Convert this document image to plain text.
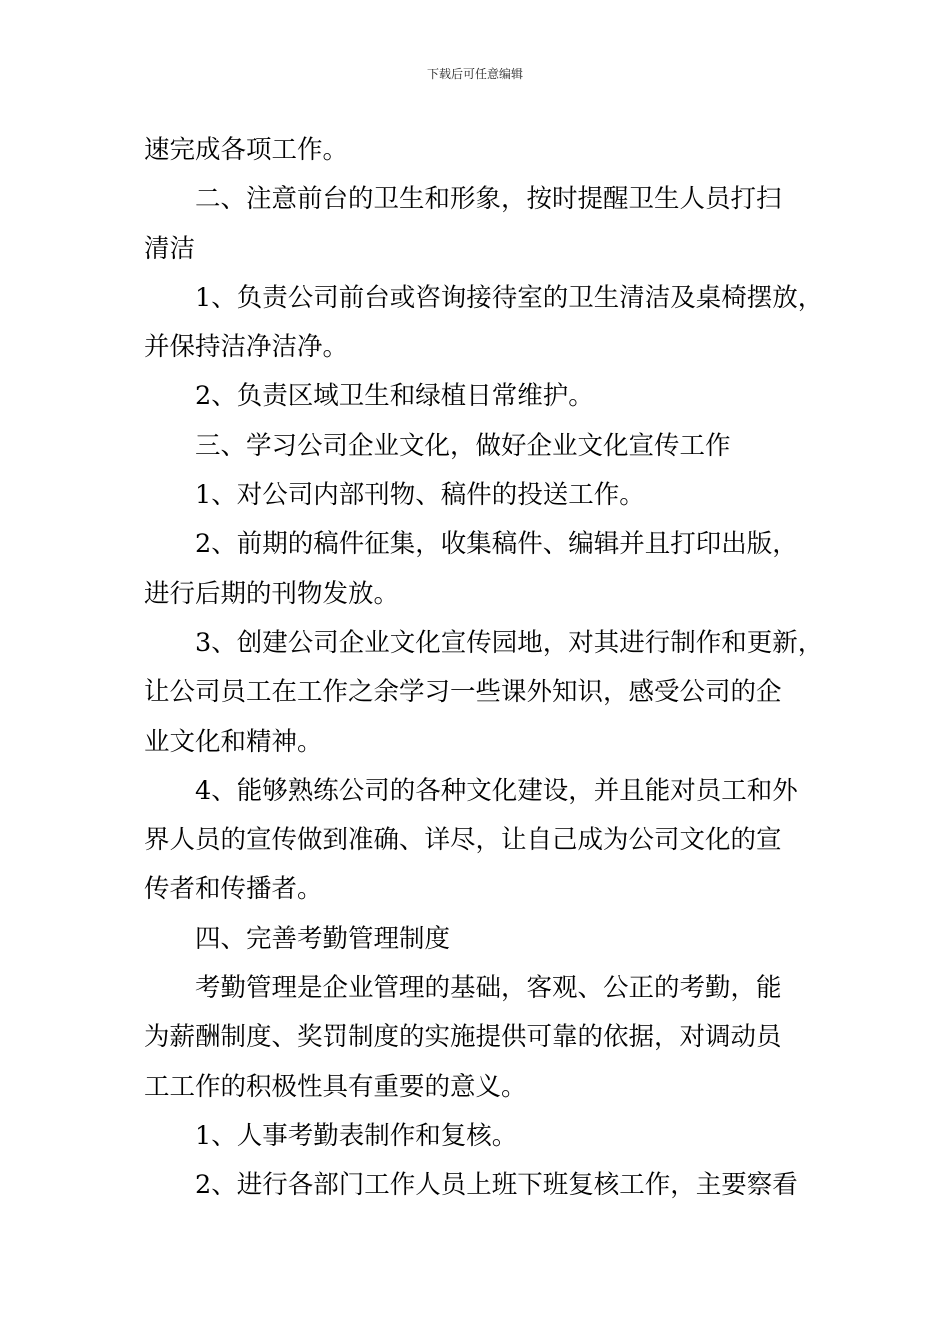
下载后可任意编辑

速完成各项工作。

二、注意前台的卫生和形象，按时提醒卫生人员打扫
清洁

1、负责公司前台或咨询接待室的卫生清洁及桌椅摆放，
并保持洁净洁净。

2、负责区域卫生和绿植日常维护。

三、学习公司企业文化，做好企业文化宣传工作

1、对公司内部刊物、稿件的投送工作。

2、前期的稿件征集，收集稿件、编辑并且打印出版，
进行后期的刊物发放。

3、创建公司企业文化宣传园地，对其进行制作和更新，
让公司员工在工作之余学习一些课外知识，感受公司的企
业文化和精神。

4、能够熟练公司的各种文化建设，并且能对员工和外
界人员的宣传做到准确、详尽，让自己成为公司文化的宣
传者和传播者。

四、完善考勤管理制度

考勤管理是企业管理的基础，客观、公正的考勤，能
为薪酬制度、奖罚制度的实施提供可靠的依据，对调动员
工工作的积极性具有重要的意义。

1、人事考勤表制作和复核。

2、进行各部门工作人员上班下班复核工作，主要察看
